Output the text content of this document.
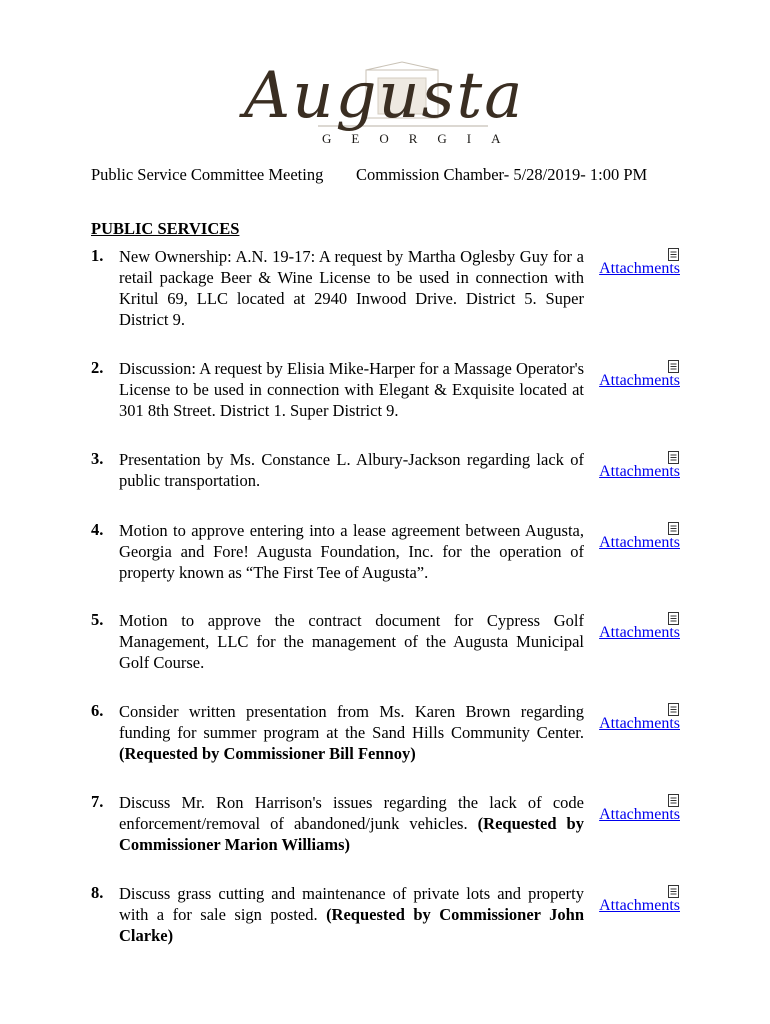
Augusta
GEORGIA
Public Service Committee Meeting Commission Chamber- 5/28/2019- 1:00 PM
PUBLIC SERVICES
1. New Ownership: A.N. 19-17: A request by Martha Oglesby Guy for a retail package Beer & Wine License to be used in connection with Kritul 69, LLC located at 2940 Inwood Drive. District 5. Super District 9.
Attachments
2. Discussion: A request by Elisia Mike-Harper for a Massage Operator's License to be used in connection with Elegant & Exquisite located at 301 8th Street. District 1. Super District 9.
Attachments
3. Presentation by Ms. Constance L. Albury-Jackson regarding lack of public transportation.	Attachments
4. Motion to approve entering into a lease agreement between Augusta, Georgia and Fore! Augusta Foundation, Inc. for the operation of property known as “The First Tee of Augusta”.
Attachments
5. Motion to approve the contract document for Cypress Golf Management, LLC for the management of the Augusta Municipal Golf Course.
Attachments
6. Consider written presentation from Ms. Karen Brown regarding funding for summer program at the Sand Hills Community Center. (Requested by Commissioner Bill Fennoy)
Attachments
7. Discuss Mr. Ron Harrison's issues regarding the lack of code enforcement/removal of abandoned/junk vehicles. (Requested by Commissioner Marion Williams)
Attachments
8. Discuss grass cutting and maintenance of private lots and property with a for sale sign posted. (Requested by Commissioner John Clarke)
Attachments
